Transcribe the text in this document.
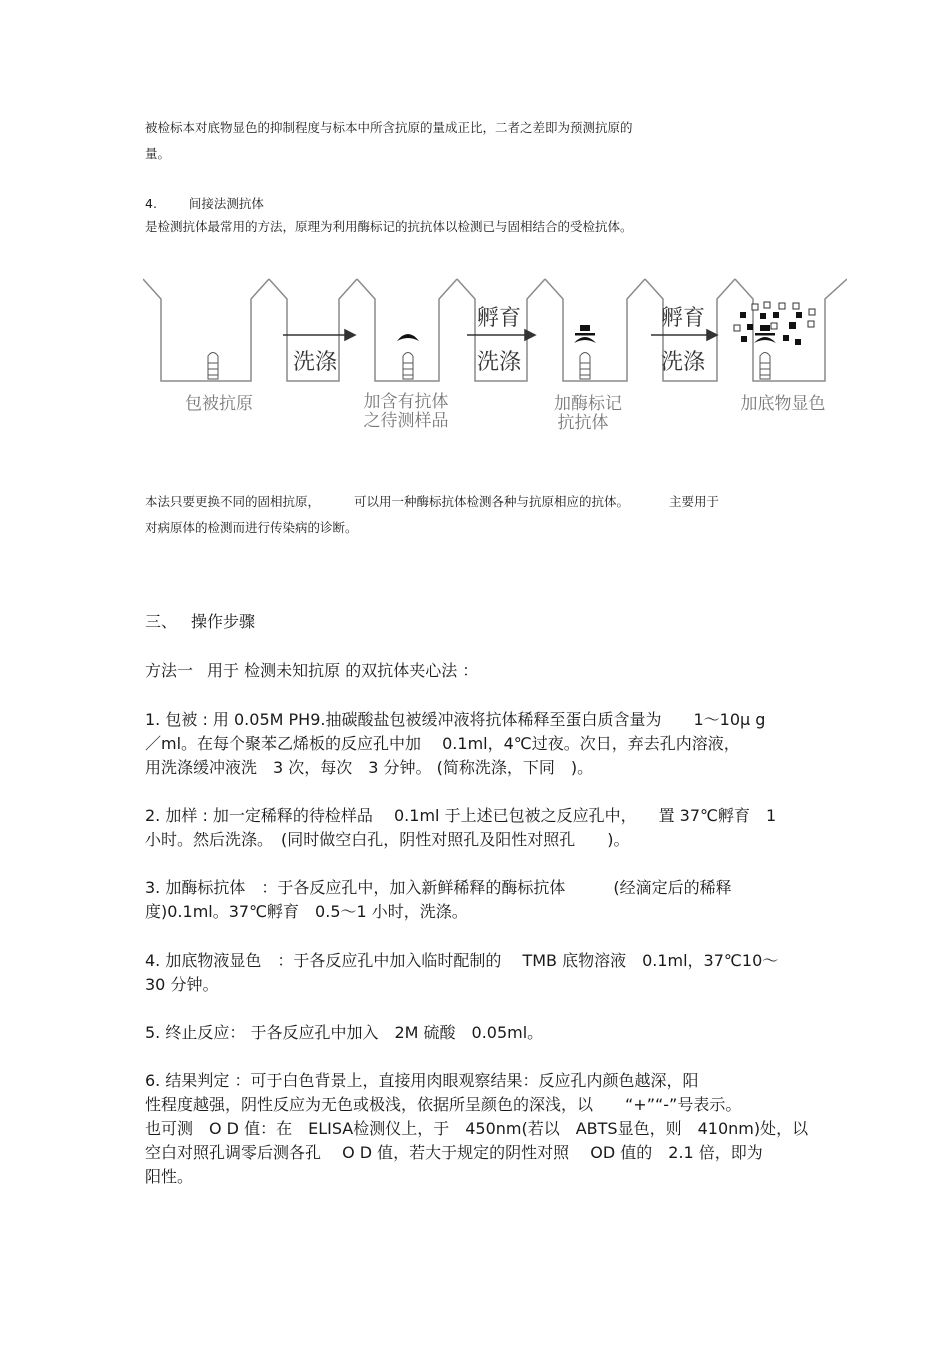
被检标本对底物显色的抑制程度与标本中所含抗原的量成正比，二者之差即为预测抗原的
量。
4.	间接法测抗体
是检测抗体最常用的方法，原理为利用酶标记的抗抗体以检测已与固相结合的受检抗体。
洗涤
孵育
洗涤
孵育
洗涤
包被抗原	加含有抗体
之待测样品
加酶标记
抗抗体
加底物显色
本法只要更换不同的固相抗原，	可以用一种酶标抗体检测各种与抗原相应的抗体。	主要用于
对病原体的检测而进行传染病的诊断。
三、 操作步骤
方法一 用于 检测未知抗原 的双抗体夹心法 ：
1. 包被 : 用 0.05M PH9.抽碳酸盐包被缓冲液将抗体稀释至蛋白质含量为 1～10μ g
／ml。在每个聚苯乙烯板的反应孔中加　 0.1ml，4℃过夜。次日，弃去孔内溶液，
用洗涤缓冲液洗　3 次，每次　3 分钟。 (简称洗涤，下同　)。
2. 加样 : 加一定稀释的待检样品　 0.1ml 于上述已包被之反应孔中， 置 37℃孵育　1
小时。然后洗涤。　(同时做空白孔，阴性对照孔及阳性对照孔　　)。
3. 加酶标抗体　：于各反应孔中，加入新鲜稀释的酶标抗体	(经滴定后的稀释
度)0.1ml。37℃孵育　0.5～1 小时，洗涤。
4. 加底物液显色　：于各反应孔中加入临时配制的　 TMB 底物溶液　0.1ml，37℃10～
30 分钟。
5. 终止反应： 于各反应孔中加入　2M 硫酸　0.05ml。
6. 结果判定 ：可于白色背景上，直接用肉眼观察结果：反应孔内颜色越深，阳
性程度越强，阴性反应为无色或极浅，依据所呈颜色的深浅，以　　“+”“-”号表示。
也可测　O D 值：在　ELISA检测仪上，于　450nm(若以　ABTS显色，则　410nm)处，以
空白对照孔调零后测各孔　 O D 值，若大于规定的阴性对照　 OD 值的　2.1 倍，即为
阳性。
